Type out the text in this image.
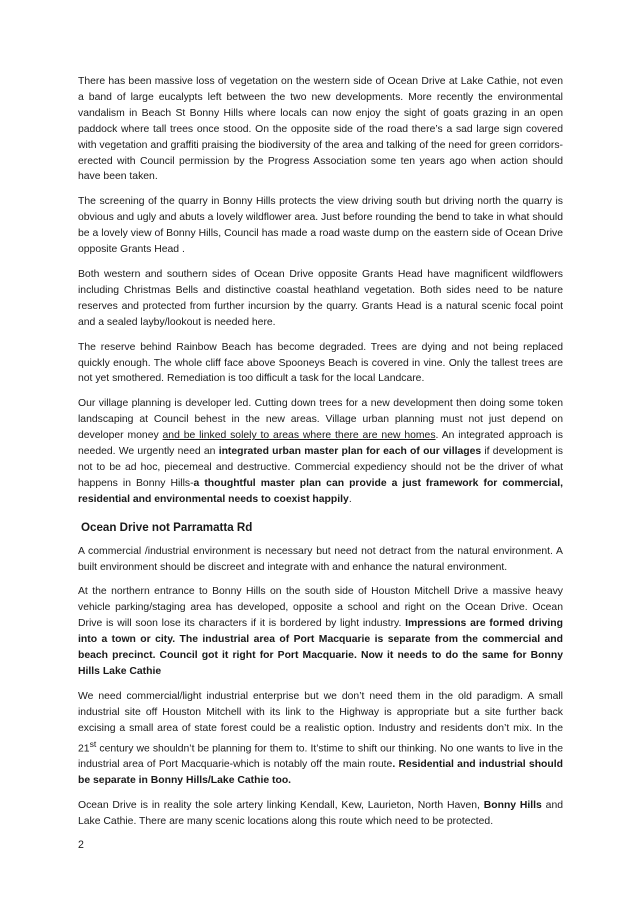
There has been massive loss of vegetation on the western side of Ocean Drive at Lake Cathie, not even a band of large eucalypts left between the two new developments. More recently the environmental vandalism in Beach St Bonny Hills where locals can now enjoy the sight of goats grazing in an open paddock where tall trees once stood. On the opposite side of the road there’s a sad large sign covered with vegetation and graffiti praising the biodiversity of the area and talking of the need for green corridors- erected with Council permission by the Progress Association some ten years ago when action should have been taken.

The screening of the quarry in Bonny Hills protects the view driving south but driving north the quarry is obvious and ugly and abuts a lovely wildflower area. Just before rounding the bend to take in what should be a lovely view of Bonny Hills, Council has made a road waste dump on the eastern side of Ocean Drive opposite Grants Head .

Both western and southern sides of Ocean Drive opposite Grants Head have magnificent wildflowers including Christmas Bells and distinctive coastal heathland vegetation. Both sides need to be nature reserves and protected from further incursion by the quarry. Grants Head is a natural scenic focal point and a sealed layby/lookout is needed here.

The reserve behind Rainbow Beach has become degraded. Trees are dying and not being replaced quickly enough. The whole cliff face above Spooneys Beach is covered in vine. Only the tallest trees are not yet smothered. Remediation is too difficult a task for the local Landcare.

Our village planning is developer led. Cutting down trees for a new development then doing some token landscaping at Council behest in the new areas. Village urban planning must not just depend on developer money and be linked solely to areas where there are new homes. An integrated approach is needed. We urgently need an integrated urban master plan for each of our villages if development is not to be ad hoc, piecemeal and destructive. Commercial expediency should not be the driver of what happens in Bonny Hills-a thoughtful master plan can provide a just framework for commercial, residential and environmental needs to coexist happily.

Ocean Drive not Parramatta Rd

A commercial /industrial environment is necessary but need not detract from the natural environment. A built environment should be discreet and integrate with and enhance the natural environment.

At the northern entrance to Bonny Hills on the south side of Houston Mitchell Drive a massive heavy vehicle parking/staging area has developed, opposite a school and right on the Ocean Drive. Ocean Drive is will soon lose its characters if it is bordered by light industry. Impressions are formed driving into a town or city. The industrial area of Port Macquarie is separate from the commercial and beach precinct. Council got it right for Port Macquarie. Now it needs to do the same for Bonny Hills Lake Cathie

We need commercial/light industrial enterprise but we don’t need them in the old paradigm. A small industrial site off Houston Mitchell with its link to the Highway is appropriate but a site further back excising a small area of state forest could be a realistic option. Industry and residents don’t mix. In the 21st century we shouldn’t be planning for them to. It’stime to shift our thinking. No one wants to live in the industrial area of Port Macquarie-which is notably off the main route. Residential and industrial should be separate in Bonny Hills/Lake Cathie too.

Ocean Drive is in reality the sole artery linking Kendall, Kew, Laurieton, North Haven, Bonny Hills and Lake Cathie. There are many scenic locations along this route which need to be protected.

2
